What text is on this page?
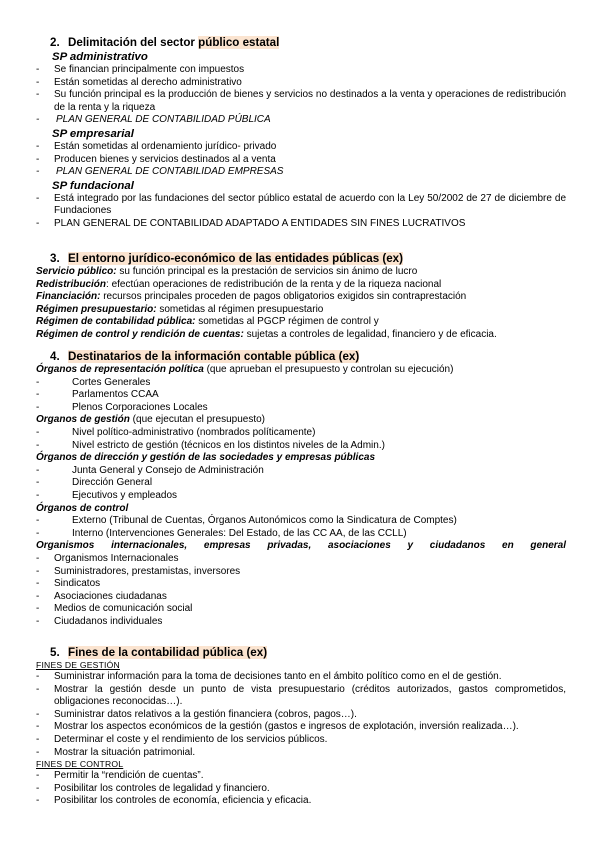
2. Delimitación del sector público estatal
SP administrativo
- Se financian principalmente con impuestos
- Están sometidas al derecho administrativo
- Su función principal es la producción de bienes y servicios no destinados a la venta y operaciones de redistribución de la renta y la riqueza
- PLAN GENERAL DE CONTABILIDAD PÚBLICA
SP empresarial
- Están sometidas al ordenamiento jurídico- privado
- Producen bienes y servicios destinados al a venta
- PLAN GENERAL DE CONTABILIDAD EMPRESAS
SP fundacional
- Está integrado por las fundaciones del sector público estatal de acuerdo con la Ley 50/2002 de 27 de diciembre de Fundaciones
- PLAN GENERAL DE CONTABILIDAD ADAPTADO A ENTIDADES SIN FINES LUCRATIVOS
3. El entorno jurídico-económico de las entidades públicas (ex)
Servicio público: su función principal es la prestación de servicios sin ánimo de lucro
Redistribución: efectúan operaciones de redistribución de la renta y de la riqueza nacional
Financiación: recursos principales proceden de pagos obligatorios exigidos sin contraprestación
Régimen presupuestario: sometidas al régimen presupuestario
Régimen de contabilidad pública: sometidas al PGCP régimen de control y
Régimen de control y rendición de cuentas: sujetas a controles de legalidad, financiero y de eficacia.
4. Destinatarios de la información contable pública (ex)
Órganos de representación política (que aprueban el presupuesto y controlan su ejecución)
- Cortes Generales
- Parlamentos CCAA
- Plenos Corporaciones Locales
Organos de gestión (que ejecutan el presupuesto)
- Nivel político-administrativo (nombrados políticamente)
- Nivel estricto de gestión (técnicos en los distintos niveles de la Admin.)
Órganos de dirección y gestión de las sociedades y empresas públicas
- Junta General y Consejo de Administración
- Dirección General
- Ejecutivos y empleados
Órganos de control
- Externo (Tribunal de Cuentas, Órganos Autonómicos como la Sindicatura de Comptes)
- Interno (Intervenciones Generales: Del Estado, de las CC AA, de las CCLL)
Organismos internacionales, empresas privadas, asociaciones y ciudadanos en general
- Organismos Internacionales
- Suministradores, prestamistas, inversores
- Sindicatos
- Asociaciones ciudadanas
- Medios de comunicación social
- Ciudadanos individuales
5. Fines de la contabilidad pública (ex)
FINES DE GESTIÓN
- Suministrar información para la toma de decisiones tanto en el ámbito político como en el de gestión.
- Mostrar la gestión desde un punto de vista presupuestario (créditos autorizados, gastos comprometidos, obligaciones reconocidas…).
- Suministrar datos relativos a la gestión financiera (cobros, pagos…).
- Mostrar los aspectos económicos de la gestión (gastos e ingresos de explotación, inversión realizada…).
- Determinar el coste y el rendimiento de los servicios públicos.
- Mostrar la situación patrimonial.
FINES DE CONTROL
- Permitir la “rendición de cuentas”.
- Posibilitar los controles de legalidad y financiero.
- Posibilitar los controles de economía, eficiencia y eficacia.
